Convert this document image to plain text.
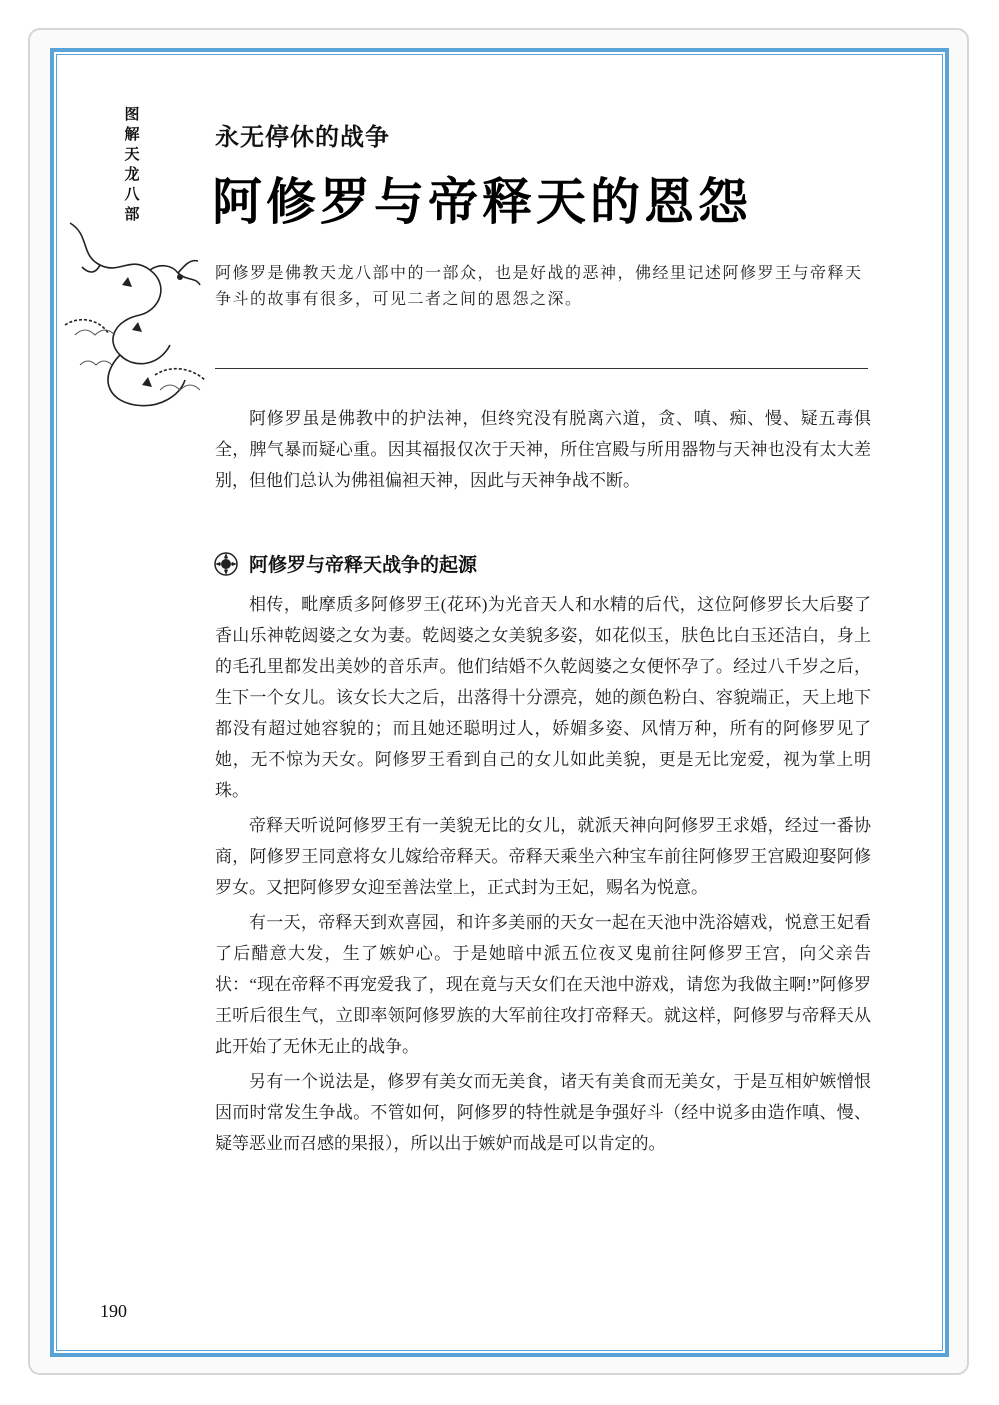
图
解
天
龙
八
部
永无停休的战争
阿修罗与帝释天的恩怨
阿修罗是佛教天龙八部中的一部众，也是好战的恶神，佛经里记述阿修罗王与帝释天争斗的故事有很多，可见二者之间的恩怨之深。

阿修罗虽是佛教中的护法神，但终究没有脱离六道，贪、嗔、痴、慢、疑五毒俱全，脾气暴而疑心重。因其福报仅次于天神，所住宫殿与所用器物与天神也没有太大差别，但他们总认为佛祖偏袒天神，因此与天神争战不断。

阿修罗与帝释天战争的起源

相传，毗摩质多阿修罗王(花环)为光音天人和水精的后代，这位阿修罗长大后娶了香山乐神乾闼婆之女为妻。乾闼婆之女美貌多姿，如花似玉，肤色比白玉还洁白，身上的毛孔里都发出美妙的音乐声。他们结婚不久乾闼婆之女便怀孕了。经过八千岁之后，生下一个女儿。该女长大之后，出落得十分漂亮，她的颜色粉白、容貌端正，天上地下都没有超过她容貌的；而且她还聪明过人，娇媚多姿、风情万种，所有的阿修罗见了她，无不惊为天女。阿修罗王看到自己的女儿如此美貌，更是无比宠爱，视为掌上明珠。

帝释天听说阿修罗王有一美貌无比的女儿，就派天神向阿修罗王求婚，经过一番协商，阿修罗王同意将女儿嫁给帝释天。帝释天乘坐六种宝车前往阿修罗王宫殿迎娶阿修罗女。又把阿修罗女迎至善法堂上，正式封为王妃，赐名为悦意。

有一天，帝释天到欢喜园，和许多美丽的天女一起在天池中洗浴嬉戏，悦意王妃看了后醋意大发，生了嫉妒心。于是她暗中派五位夜叉鬼前往阿修罗王宫，向父亲告状：“现在帝释不再宠爱我了，现在竟与天女们在天池中游戏，请您为我做主啊!”阿修罗王听后很生气，立即率领阿修罗族的大军前往攻打帝释天。就这样，阿修罗与帝释天从此开始了无休无止的战争。

另有一个说法是，修罗有美女而无美食，诸天有美食而无美女，于是互相妒嫉憎恨因而时常发生争战。不管如何，阿修罗的特性就是争强好斗（经中说多由造作嗔、慢、疑等恶业而召感的果报），所以出于嫉妒而战是可以肯定的。

190
